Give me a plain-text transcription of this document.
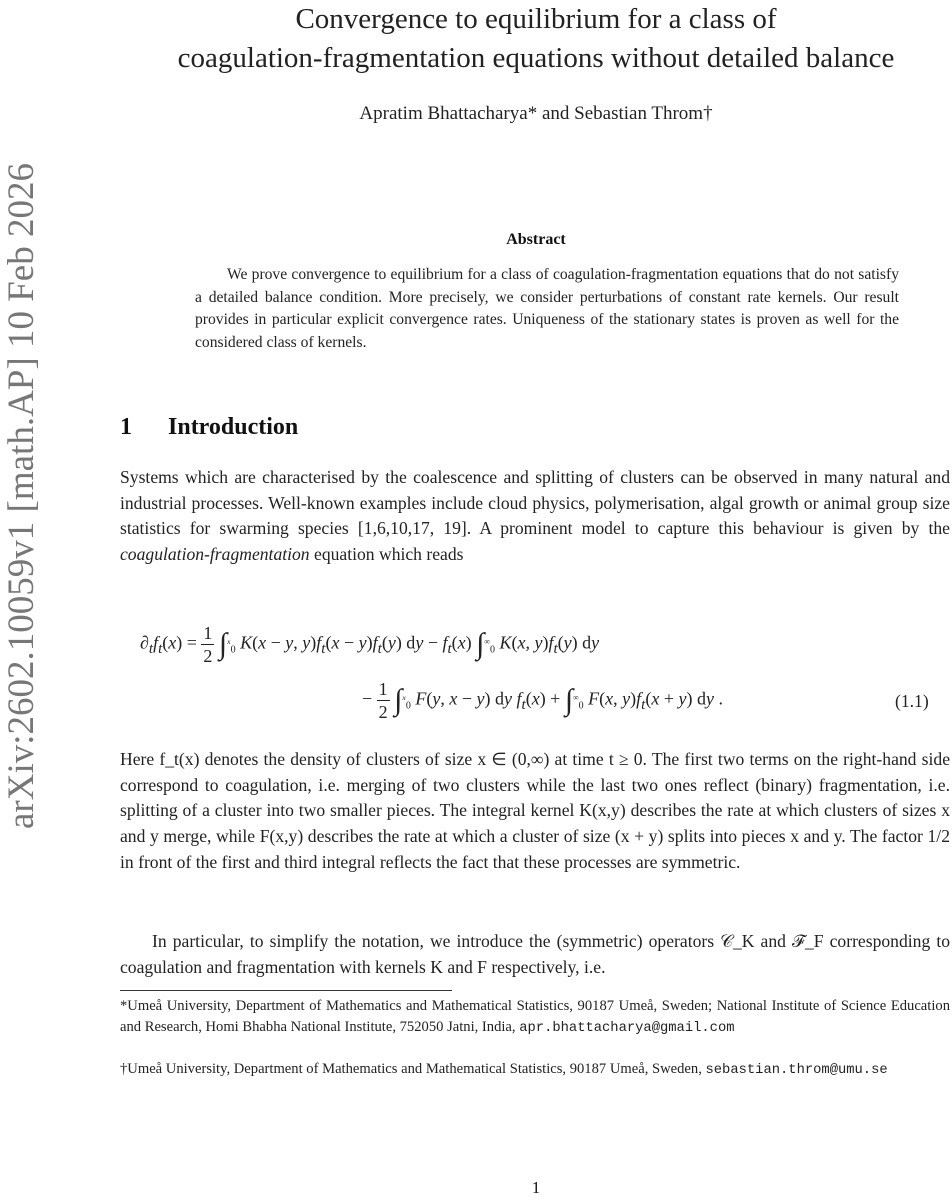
arXiv:2602.10059v1 [math.AP] 10 Feb 2026
Convergence to equilibrium for a class of
coagulation-fragmentation equations without detailed balance
Apratim Bhattacharya* and Sebastian Throm†
Abstract
We prove convergence to equilibrium for a class of coagulation-fragmentation equations that do not satisfy a detailed balance condition. More precisely, we consider perturbations of constant rate kernels. Our result provides in particular explicit convergence rates. Uniqueness of the stationary states is proven as well for the considered class of kernels.
1 Introduction
Systems which are characterised by the coalescence and splitting of clusters can be observed in many natural and industrial processes. Well-known examples include cloud physics, polymerisation, algal growth or animal group size statistics for swarming species [1,6,10,17, 19]. A prominent model to capture this behaviour is given by the coagulation-fragmentation equation which reads
$\partial_tf_t(x) = \frac{1}{2} \int^x_0$ K(x − y, $y)f_t(x - y)f_t(y)$ dy − $f_t(x)$ $\int^\infty_0$ K(x, $y)f_t(y)$ dy
− $\frac{1}{2} \int^x_0$ F(y, x − y) dy $f_t(x) + \int^\infty_0$ F(x, $y)f_t(x + y)$ dy .	(1.1)
Here f_t(x) denotes the density of clusters of size x ∈ (0,∞) at time t ≥ 0. The first two terms on the right-hand side correspond to coagulation, i.e. merging of two clusters while the last two ones reflect (binary) fragmentation, i.e. splitting of a cluster into two smaller pieces. The integral kernel K(x,y) describes the rate at which clusters of sizes x and y merge, while F(x,y) describes the rate at which a cluster of size (x + y) splits into pieces x and y. The factor 1/2 in front of the first and third integral reflects the fact that these processes are symmetric.
In particular, to simplify the notation, we introduce the (symmetric) operators 𝒞_K and ℱ_F corresponding to coagulation and fragmentation with kernels K and F respectively, i.e.
*Umeå University, Department of Mathematics and Mathematical Statistics, 90187 Umeå, Sweden; National Institute of Science Education and Research, Homi Bhabha National Institute, 752050 Jatni, India, apr.bhattacharya@gmail.com
†Umeå University, Department of Mathematics and Mathematical Statistics, 90187 Umeå, Sweden, sebastian.throm@umu.se
1
